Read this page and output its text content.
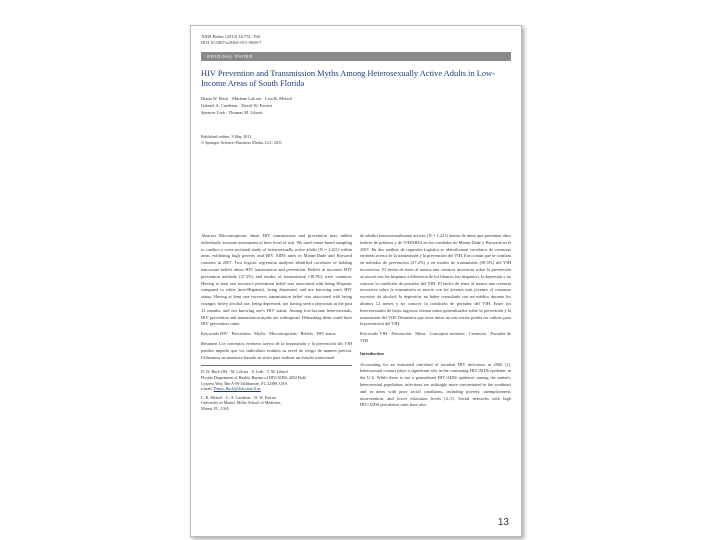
AIDS Behav (2012) 16:751–760
DOI 10.1007/s10461-011-9958-7
ORIGINAL PAPER
HIV Prevention and Transmission Myths Among Heterosexually Active Adults in Low-Income Areas of South Florida
Diana W. Buck · Marlene LaLota · Lisa R. Metsch ·
Gabriel A. Cardenas · David W. Forrest ·
Spencer Lieb · Thomas M. Liberti
Published online: 3 May 2011
© Springer Science+Business Media, LLC 2011

Abstract Misconceptions about HIV transmission and prevention may inhibit individuals' accurate assessment of their level of risk. We used venue-based sampling to conduct a cross-sectional study of heterosexually active adults (N = 1,221) within areas exhibiting high poverty and HIV AIDS rates in Miami-Dade and Broward counties in 2007. Two logistic regression analyses identified correlates of holding inaccurate beliefs about HIV transmission and prevention. Beliefs in incorrect HIV prevention methods (27.2%) and modes of transmission (38.5%) were common. Having at least one incorrect prevention belief was associated with being Hispanic compared to white (non-Hispanic), being depressed, and not knowing one's HIV status. Having at least one incorrect transmission belief was associated with being younger, heavy alcohol use, being depressed, not having seen a physician in the past 12 months, and not knowing one's HIV status. Among low-income heterosexuals, HIV prevention and transmission myths are widespread. Debunking them could have HIV prevention value.

Keywords HIV · Prevention · Myths · Misconceptions · Beliefs · HIV status

Resumen Los conceptos erróneos acerca de la transmisión y la prevención del VIH pueden impedir que los individuos evalúen su nivel de riesgo de manera precisa. Utilizamos un muestreo basado en sitios para realizar un estudio transversal

D. W. Buck (✉) · M. LaLota · S. Lieb · T. M. Liberti
Florida Department of Health, Bureau of HIV/AIDS, 4052 Bald
Cypress Way, Bin A-09 Tallahassee, FL 32399, USA
e-mail: Diana_Buck@doh.state.fl.us
L. R. Metsch · G. A. Cardenas · D. W. Forrest
University of Miami, Miller School of Medicine,
Miami, FL, USA

de adultos heterosexualmente activos (N = 1,221) dentro de áreas que presentan altos índices de pobreza y de VIH/SIDA en los condados de Miami-Dade y Broward en el 2007. En dos análisis de regresión logística se identificaron correlatos de creencias erróneas acerca de la transmisión y la prevención del VIH. Era común que se confiara en métodos de prevención (27.2%) y en modos de transmisión (38.5%) del VIH incorrectos. El hecho de tener al menos una creencia incorrecta sobre la prevención se asoció con los hispanos a diferencia de los blancos (no hispanos), la depresión y no conocer la condición de portador del VIH. El hecho de tener al menos una creencia incorrecta sobre la transmisión se asoció con los jóvenes más jóvenes, el consumo excesivo de alcohol, la depresión, no haber consultado con un médico durante los últimos 12 meses y no conocer la condición de portador del VIH. Entre los heterosexuales de bajos ingresos existen mitos generalizados sobre la prevención y la transmisión del VIH. Desmentir que estos mitos no son ciertos podría ser valioso para la prevención del VIH.

Keywords VIH · Prevención · Mitos · Conceptos erróneos · Creencias · Portador de VIH

Introduction

Accounting for an estimated one-third of incident HIV infections in 2006 [1], heterosexual contact plays a significant role in the continuing HIV/AIDS epidemic in the U.S. While there is not a generalized HIV/AIDS epidemic among the nation's heterosexual population, infections are strikingly more concentrated in the southeast and in areas with poor social conditions, including poverty, unemployment, incarceration, and lower education levels [2–5]. Social networks with high HIV/AIDS prevalence rates have also

13
